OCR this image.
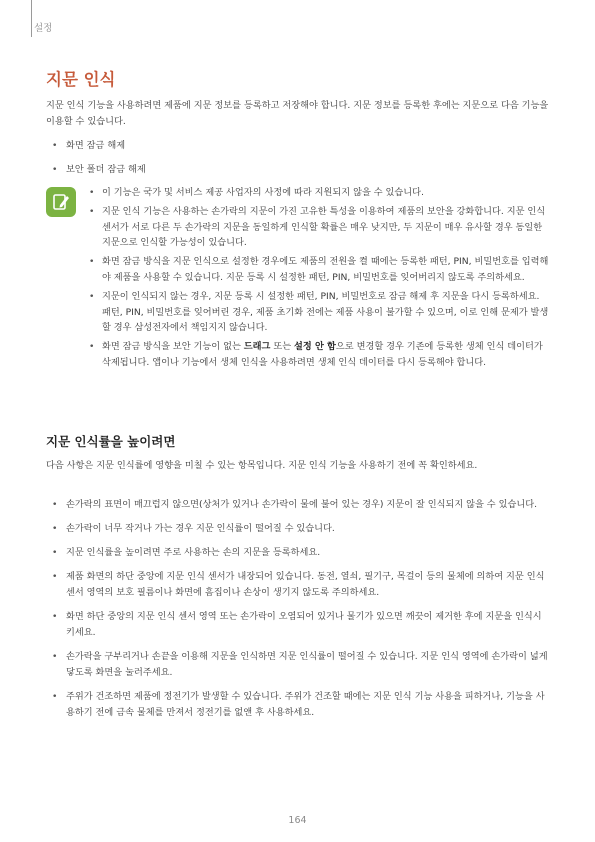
설정
지문 인식

지문 인식 기능을 사용하려면 제품에 지문 정보를 등록하고 저장해야 합니다. 지문 정보를 등록한 후에는 지문으로 다음 기능을 이용할 수 있습니다.

• 화면 잠금 해제
• 보안 폴더 잠금 해제
• 이 기능은 국가 및 서비스 제공 사업자의 사정에 따라 지원되지 않을 수 있습니다.
• 지문 인식 기능은 사용하는 손가락의 지문이 가진 고유한 특성을 이용하여 제품의 보안을 강화합니다. 지문 인식 센서가 서로 다른 두 손가락의 지문을 동일하게 인식할 확률은 매우 낮지만, 두 지문이 매우 유사할 경우 동일한 지문으로 인식할 가능성이 있습니다.
• 화면 잠금 방식을 지문 인식으로 설정한 경우에도 제품의 전원을 켤 때에는 등록한 패턴, PIN, 비밀번호를 입력해야 제품을 사용할 수 있습니다. 지문 등록 시 설정한 패턴, PIN, 비밀번호를 잊어버리지 않도록 주의하세요.
• 지문이 인식되지 않는 경우, 지문 등록 시 설정한 패턴, PIN, 비밀번호로 잠금 해제 후 지문을 다시 등록하세요. 패턴, PIN, 비밀번호를 잊어버린 경우, 제품 초기화 전에는 제품 사용이 불가할 수 있으며, 이로 인해 문제가 발생할 경우 삼성전자에서 책임지지 않습니다.
• 화면 잠금 방식을 보안 기능이 없는 드래그 또는 설정 안 함으로 변경할 경우 기존에 등록한 생체 인식 데이터가 삭제됩니다. 앱이나 기능에서 생체 인식을 사용하려면 생체 인식 데이터를 다시 등록해야 합니다.
지문 인식률을 높이려면

다음 사항은 지문 인식률에 영향을 미칠 수 있는 항목입니다. 지문 인식 기능을 사용하기 전에 꼭 확인하세요.

• 손가락의 표면이 매끄럽지 않으면(상처가 있거나 손가락이 물에 불어 있는 경우) 지문이 잘 인식되지 않을 수 있습니다.
• 손가락이 너무 작거나 가는 경우 지문 인식률이 떨어질 수 있습니다.
• 지문 인식률을 높이려면 주로 사용하는 손의 지문을 등록하세요.
• 제품 화면의 하단 중앙에 지문 인식 센서가 내장되어 있습니다. 동전, 열쇠, 필기구, 목걸이 등의 물체에 의하여 지문 인식 센서 영역의 보호 필름이나 화면에 흠집이나 손상이 생기지 않도록 주의하세요.
• 화면 하단 중앙의 지문 인식 센서 영역 또는 손가락이 오염되어 있거나 물기가 있으면 깨끗이 제거한 후에 지문을 인식시키세요.
• 손가락을 구부리거나 손끝을 이용해 지문을 인식하면 지문 인식률이 떨어질 수 있습니다. 지문 인식 영역에 손가락이 넓게 닿도록 화면을 눌러주세요.
• 주위가 건조하면 제품에 정전기가 발생할 수 있습니다. 주위가 건조할 때에는 지문 인식 기능 사용을 피하거나, 기능을 사용하기 전에 금속 물체를 만져서 정전기를 없앤 후 사용하세요.
164
